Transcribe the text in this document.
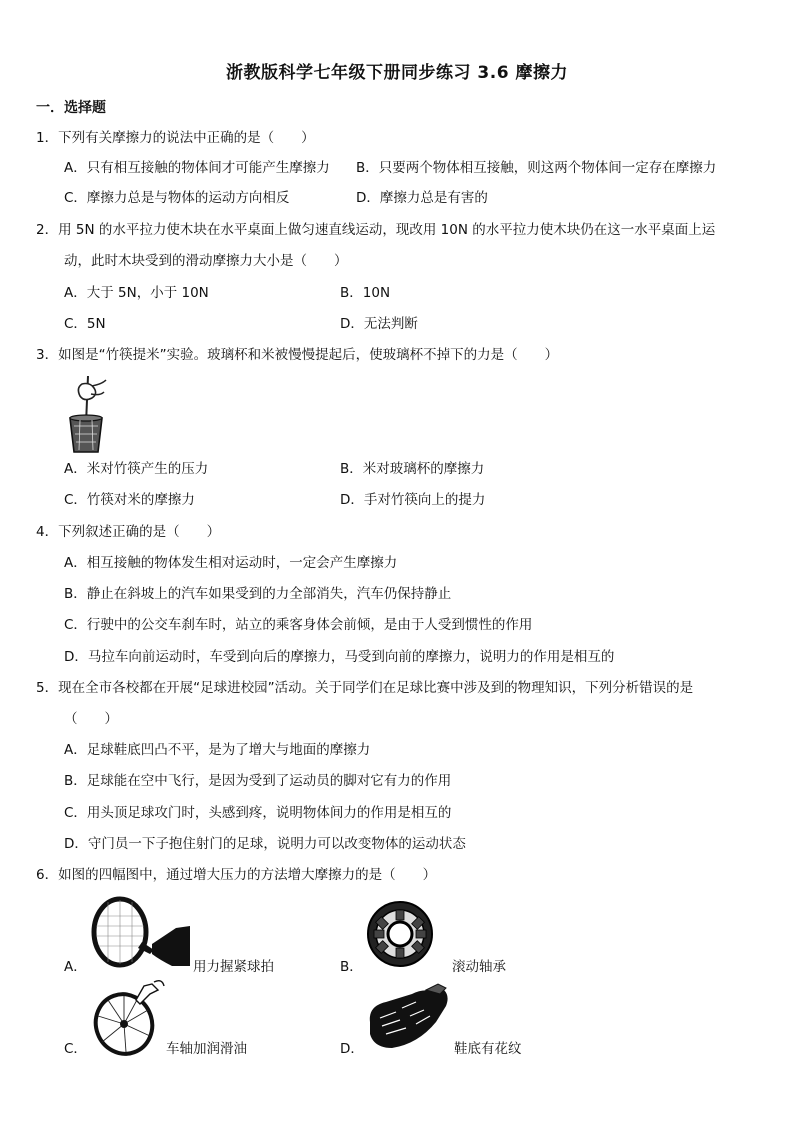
浙教版科学七年级下册同步练习 3.6 摩擦力
一．选择题
1．下列有关摩擦力的说法中正确的是（　　）
A．只有相互接触的物体间才可能产生摩擦力 B．只要两个物体相互接触，则这两个物体间一定存在摩擦力
C．摩擦力总是与物体的运动方向相反	D．摩擦力总是有害的
2．用 5N 的水平拉力使木块在水平桌面上做匀速直线运动，现改用 10N 的水平拉力使木块仍在这一水平桌面上运
动，此时木块受到的滑动摩擦力大小是（　　）
A．大于 5N，小于 10N	B．10N
C．5N	D．无法判断
3．如图是“竹筷提米”实验。玻璃杯和米被慢慢提起后，使玻璃杯不掉下的力是（　　）
A．米对竹筷产生的压力	B．米对玻璃杯的摩擦力
C．竹筷对米的摩擦力	D．手对竹筷向上的提力
4．下列叙述正确的是（　　）
A．相互接触的物体发生相对运动时，一定会产生摩擦力
B．静止在斜坡上的汽车如果受到的力全部消失，汽车仍保持静止
C．行驶中的公交车刹车时，站立的乘客身体会前倾，是由于人受到惯性的作用
D．马拉车向前运动时，车受到向后的摩擦力，马受到向前的摩擦力，说明力的作用是相互的
5．现在全市各校都在开展“足球进校园”活动。关于同学们在足球比赛中涉及到的物理知识，下列分析错误的是
（　　）
A．足球鞋底凹凸不平，是为了增大与地面的摩擦力
B．足球能在空中飞行，是因为受到了运动员的脚对它有力的作用
C．用头顶足球攻门时，头感到疼，说明物体间力的作用是相互的
D．守门员一下子抱住射门的足球，说明力可以改变物体的运动状态
6．如图的四幅图中，通过增大压力的方法增大摩擦力的是（　　）
A．	用力握紧球拍	B．	滚动轴承
C．	车轴加润滑油	D．	鞋底有花纹
